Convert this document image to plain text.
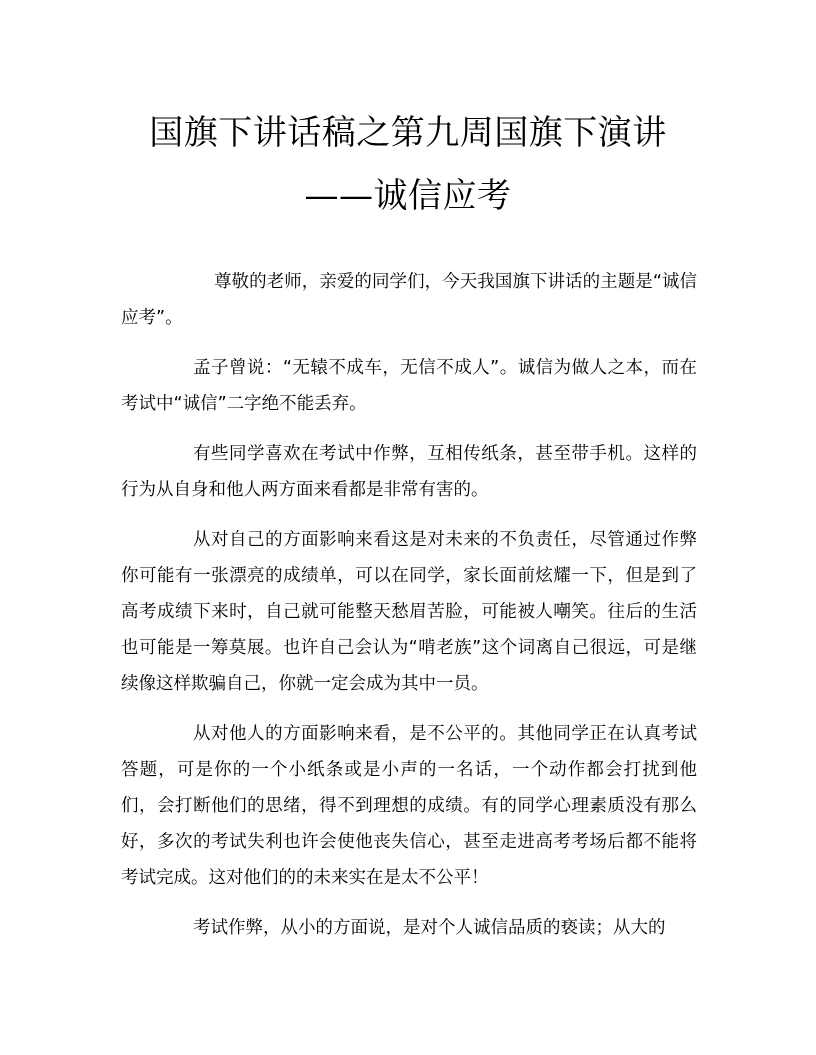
国旗下讲话稿之第九周国旗下演讲
——诚信应考

尊敬的老师，亲爱的同学们，今天我国旗下讲话的主题是“诚信应考”。

孟子曾说：“无辕不成车，无信不成人”。诚信为做人之本，而在考试中“诚信”二字绝不能丢弃。

有些同学喜欢在考试中作弊，互相传纸条，甚至带手机。这样的行为从自身和他人两方面来看都是非常有害的。

从对自己的方面影响来看这是对未来的不负责任，尽管通过作弊你可能有一张漂亮的成绩单，可以在同学，家长面前炫耀一下，但是到了高考成绩下来时，自己就可能整天愁眉苦脸，可能被人嘲笑。往后的生活也可能是一筹莫展。也许自己会认为“啃老族”这个词离自己很远，可是继续像这样欺骗自己，你就一定会成为其中一员。

从对他人的方面影响来看，是不公平的。其他同学正在认真考试答题，可是你的一个小纸条或是小声的一名话，一个动作都会打扰到他们，会打断他们的思绪，得不到理想的成绩。有的同学心理素质没有那么好，多次的考试失利也许会使他丧失信心，甚至走进高考考场后都不能将考试完成。这对他们的的未来实在是太不公平！

考试作弊，从小的方面说，是对个人诚信品质的亵读；从大的
